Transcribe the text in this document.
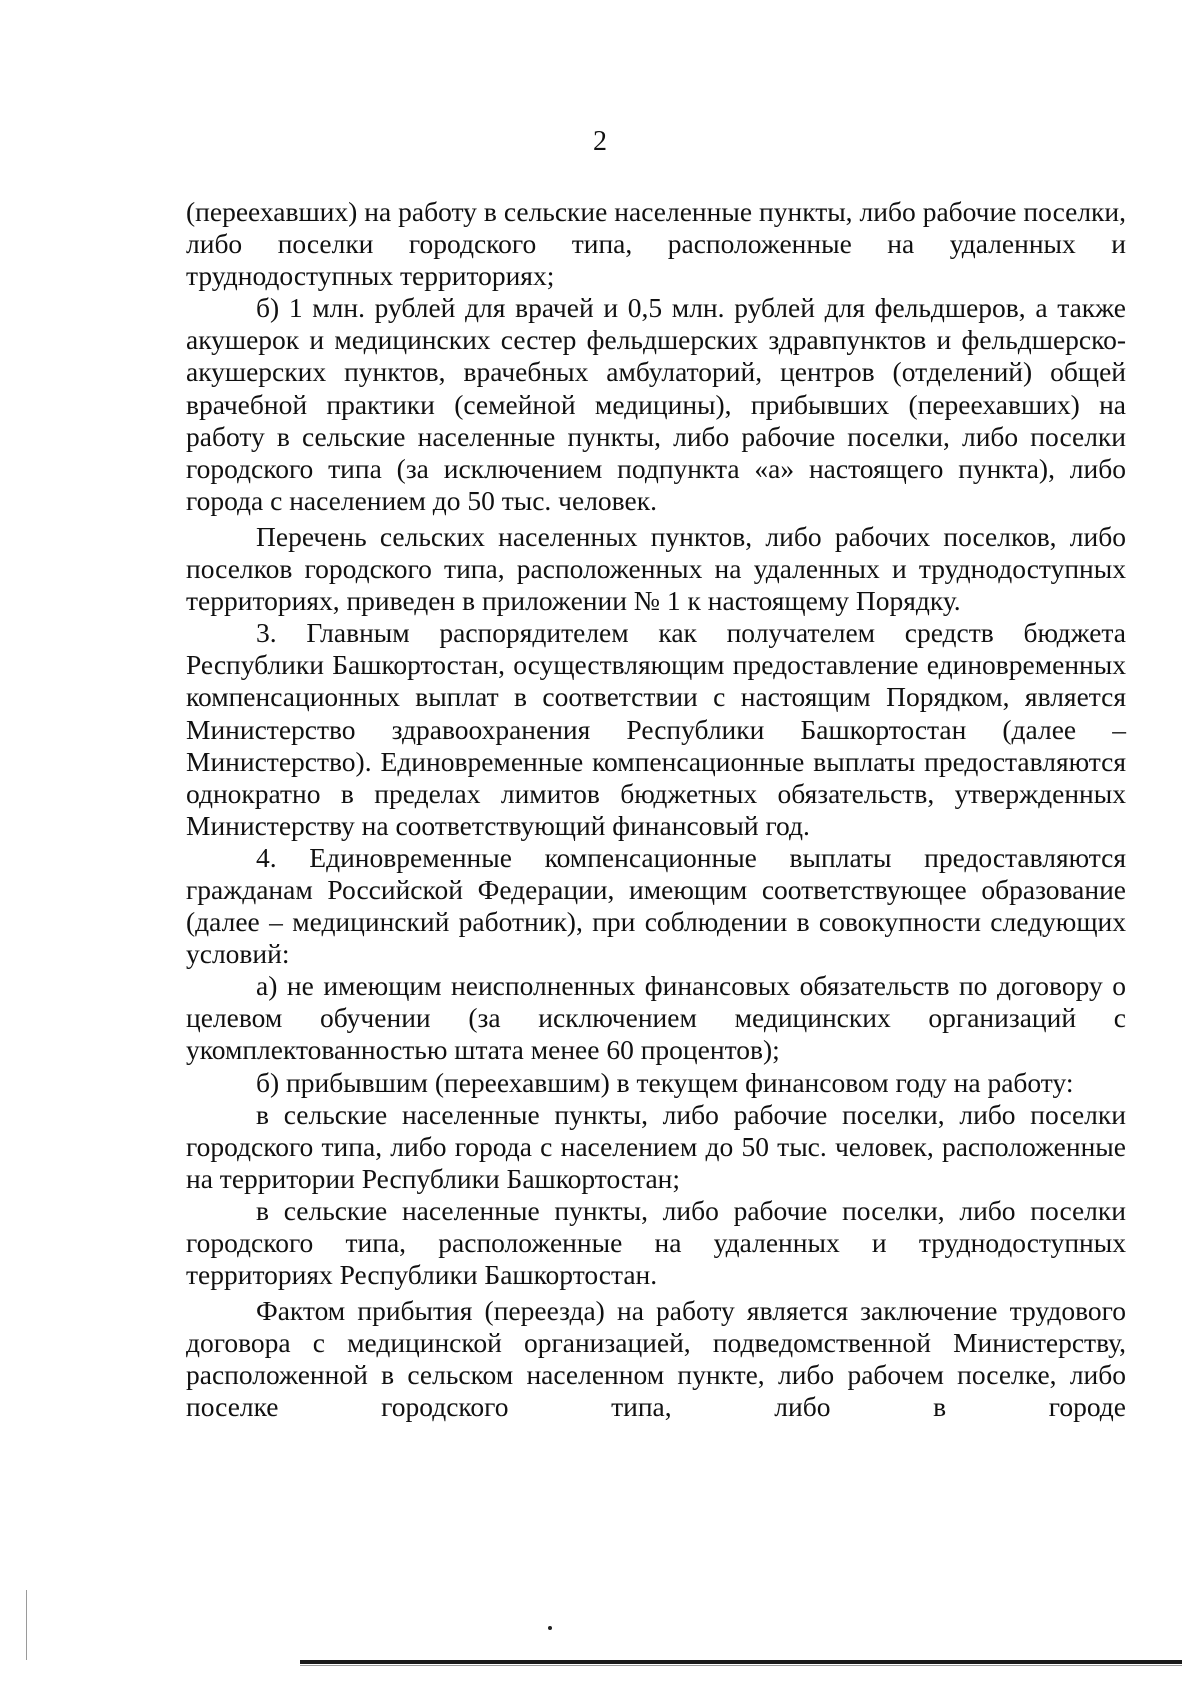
2

(переехавших) на работу в сельские населенные пункты, либо рабочие поселки, либо поселки городского типа, расположенные на удаленных и труднодоступных территориях;

б) 1 млн. рублей для врачей и 0,5 млн. рублей для фельдшеров, а также акушерок и медицинских сестер фельдшерских здравпунктов и фельдшерско-акушерских пунктов, врачебных амбулаторий, центров (отделений) общей врачебной практики (семейной медицины), прибывших (переехавших) на работу в сельские населенные пункты, либо рабочие поселки, либо поселки городского типа (за исключением подпункта «а» настоящего пункта), либо города с населением до 50 тыс. человек.

Перечень сельских населенных пунктов, либо рабочих поселков, либо поселков городского типа, расположенных на удаленных и труднодоступных территориях, приведен в приложении № 1 к настоящему Порядку.

3. Главным распорядителем как получателем средств бюджета Республики Башкортостан, осуществляющим предоставление единовременных компенсационных выплат в соответствии с настоящим Порядком, является Министерство здравоохранения Республики Башкортостан (далее – Министерство). Единовременные компенсационные выплаты предоставляются однократно в пределах лимитов бюджетных обязательств, утвержденных Министерству на соответствующий финансовый год.

4. Единовременные компенсационные выплаты предоставляются гражданам Российской Федерации, имеющим соответствующее образование (далее – медицинский работник), при соблюдении в совокупности следующих условий:

а) не имеющим неисполненных финансовых обязательств по договору о целевом обучении (за исключением медицинских организаций с укомплектованностью штата менее 60 процентов);

б) прибывшим (переехавшим) в текущем финансовом году на работу:

в сельские населенные пункты, либо рабочие поселки, либо поселки городского типа, либо города с населением до 50 тыс. человек, расположенные на территории Республики Башкортостан;

в сельские населенные пункты, либо рабочие поселки, либо поселки городского типа, расположенные на удаленных и труднодоступных территориях Республики Башкортостан.

Фактом прибытия (переезда) на работу является заключение трудового договора с медицинской организацией, подведомственной Министерству, расположенной в сельском населенном пункте, либо рабочем поселке, либо поселке городского типа, либо в городе
